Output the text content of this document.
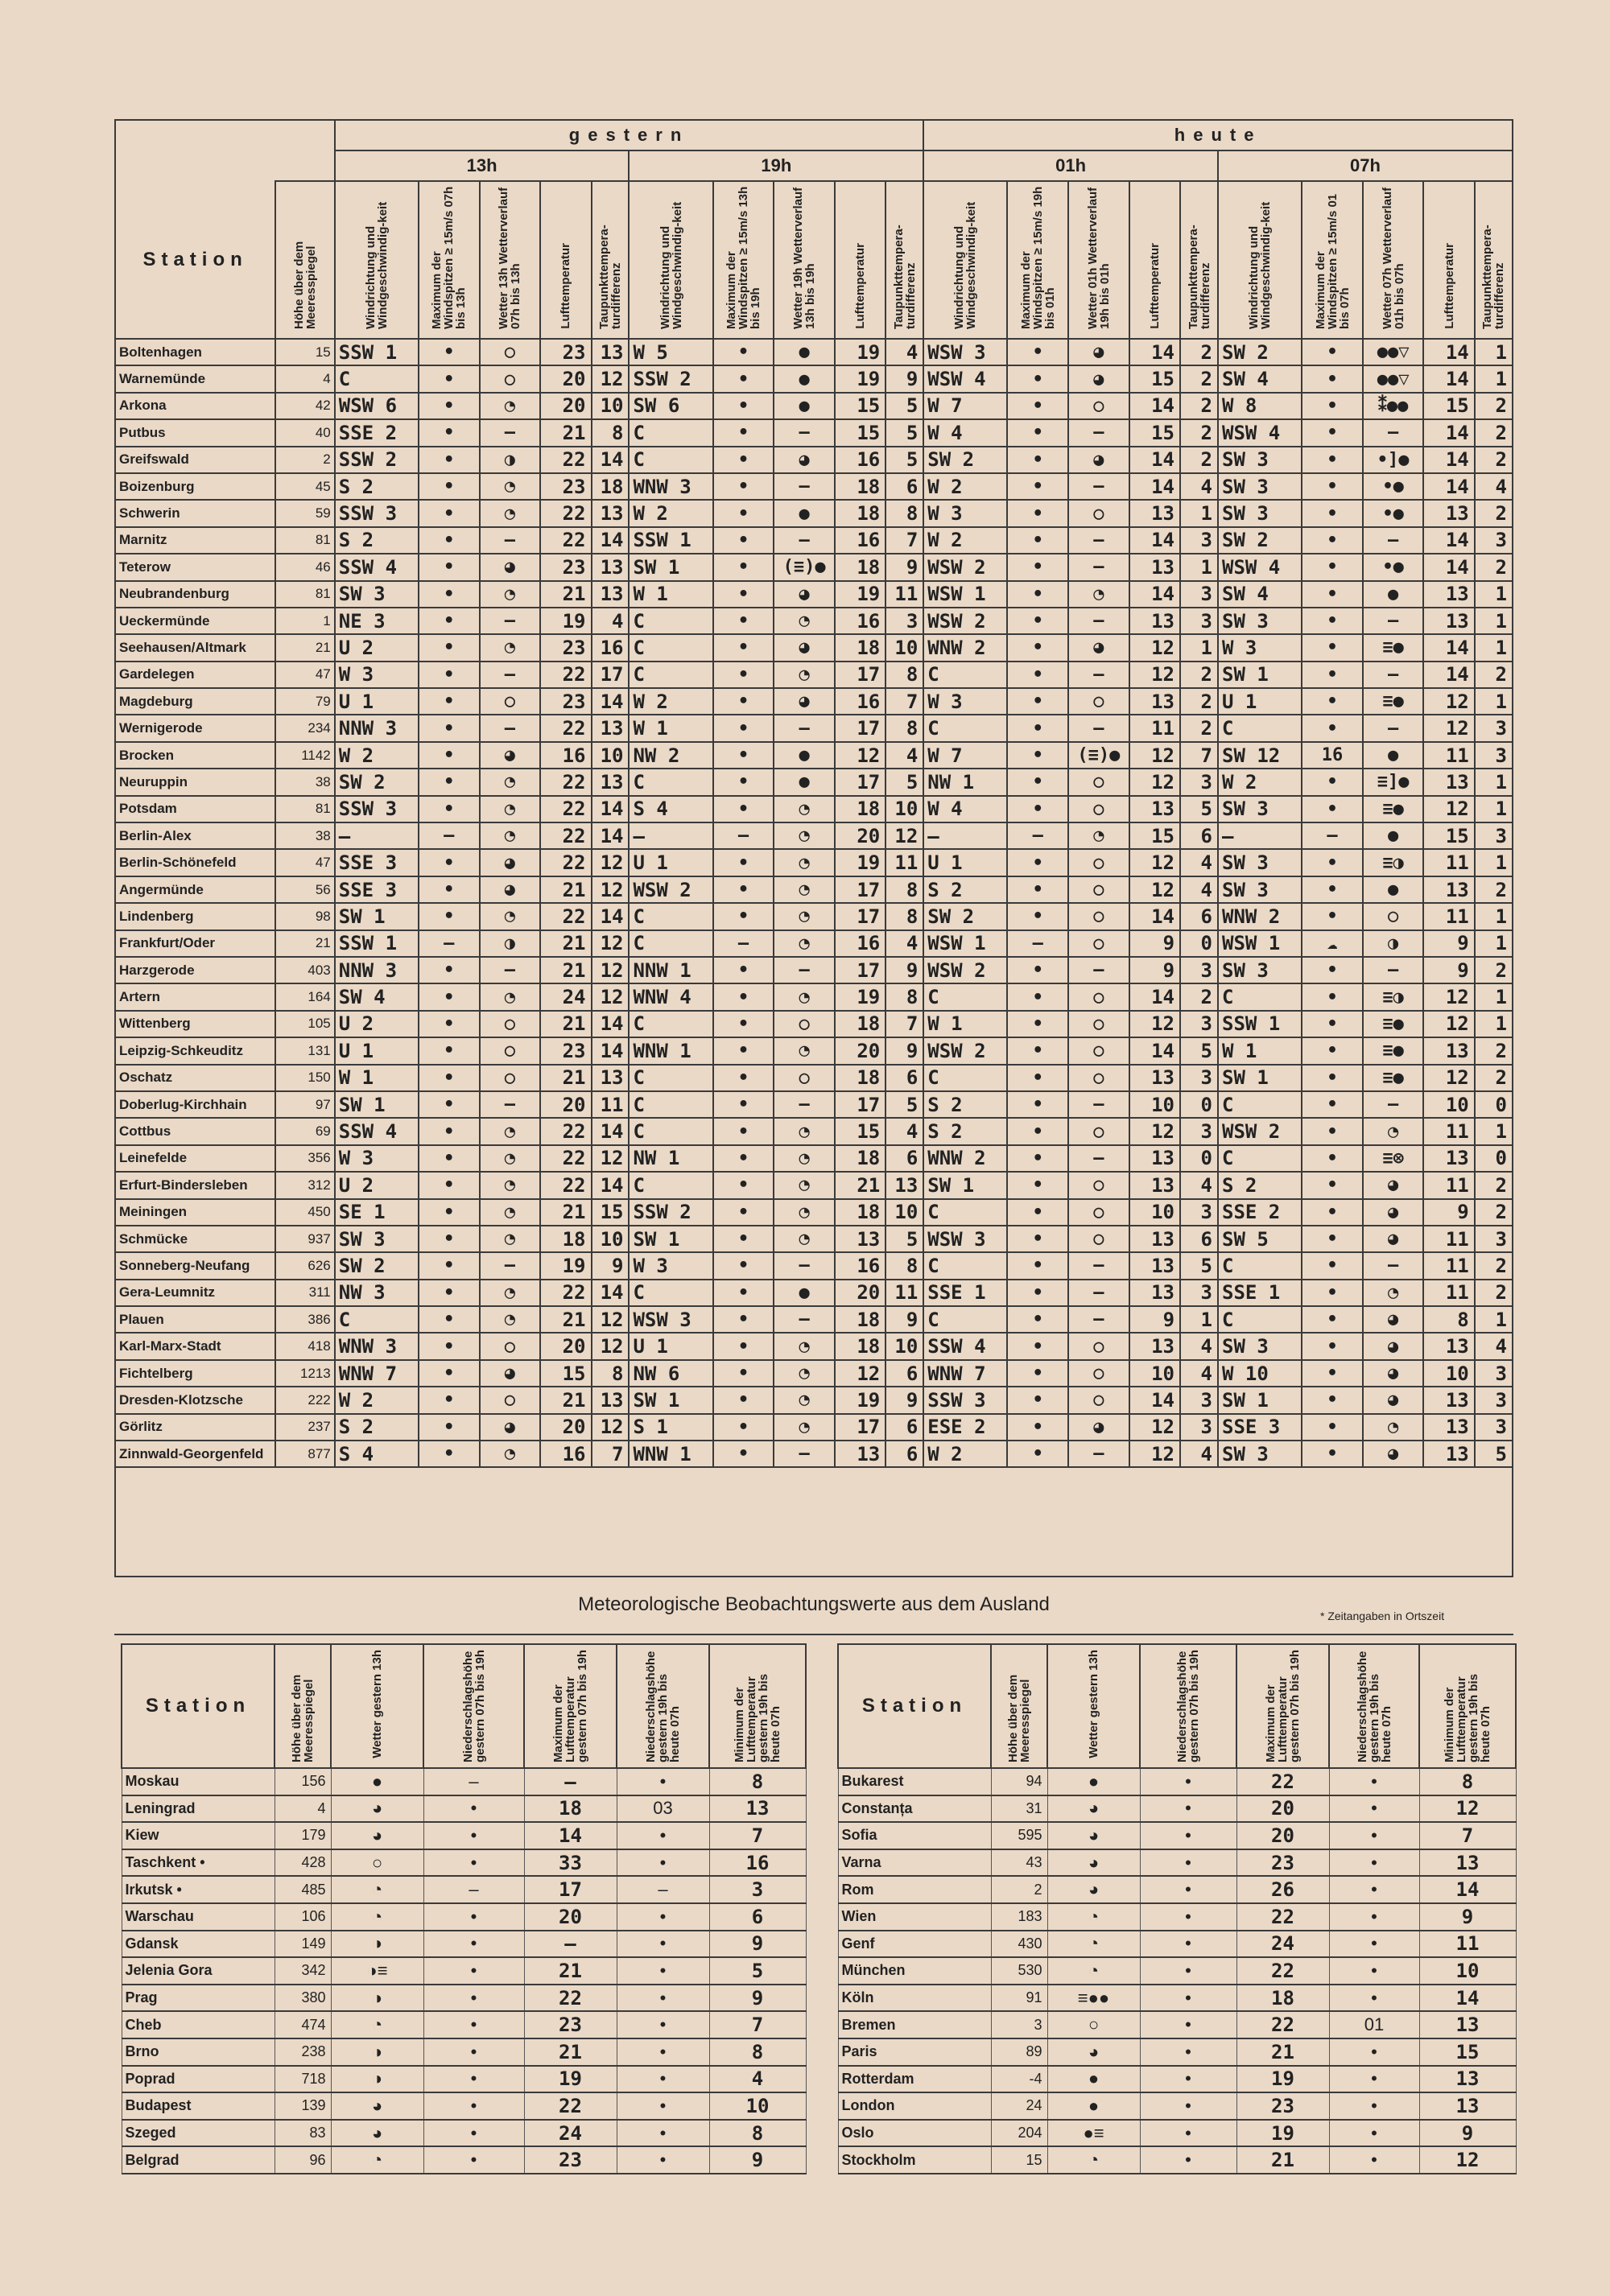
		gestern										heute									
		13h					19h					01h					07h				
Station	Höhe über dem Meeresspiegel	Windrichtung und Windgeschwindig-keit	Maximum der Windspitzen ≥ 15m/s 07h bis 13h	Wetter 13h Wetterverlauf 07h bis 13h	Lufttemperatur	Taupunkttempera-turdifferenz	Windrichtung und Windgeschwindig-keit	Maximum der Windspitzen ≥ 15m/s 13h bis 19h	Wetter 19h Wetterverlauf 13h bis 19h	Lufttemperatur	Taupunkttempera-turdifferenz	Windrichtung und Windgeschwindig-keit	Maximum der Windspitzen ≥ 15m/s 19h bis 01h	Wetter 01h Wetterverlauf 19h bis 01h	Lufttemperatur	Taupunkttempera-turdifferenz	Windrichtung und Windgeschwindig-keit	Maximum der Windspitzen ≥ 15m/s 01 bis 07h	Wetter 07h Wetterverlauf 01h bis 07h	Lufttemperatur	Taupunkttempera-turdifferenz
Boltenhagen	15	SSW 1	•	○	23	13	W 5	•	●	19	4	WSW 3	•	◕	14	2	SW 2	•	●●▽	14	1
Warnemünde	4	C	•	○	20	12	SSW 2	•	●	19	9	WSW 4	•	◕	15	2	SW 4	•	●●▽	14	1
Arkona	42	WSW 6	•	◔	20	10	SW 6	•	●	15	5	W 7	•	○	14	2	W 8	•	⁑●●	15	2
Putbus	40	SSE 2	•	–	21	8	C	•	–	15	5	W 4	•	–	15	2	WSW 4	•	–	14	2
Greifswald	2	SSW 2	•	◑	22	14	C	•	◕	16	5	SW 2	•	◕	14	2	SW 3	•	•]●	14	2
Boizenburg	45	S 2	•	◔	23	18	WNW 3	•	–	18	6	W 2	•	–	14	4	SW 3	•	•●	14	4
Schwerin	59	SSW 3	•	◔	22	13	W 2	•	●	18	8	W 3	•	○	13	1	SW 3	•	•●	13	2
Marnitz	81	S 2	•	–	22	14	SSW 1	•	–	16	7	W 2	•	–	14	3	SW 2	•	–	14	3
Teterow	46	SSW 4	•	◕	23	13	SW 1	•	(≡)●	18	9	WSW 2	•	–	13	1	WSW 4	•	•●	14	2
Neubrandenburg	81	SW 3	•	◔	21	13	W 1	•	◕	19	11	WSW 1	•	◔	14	3	SW 4	•	●	13	1
Ueckermünde	1	NE 3	•	–	19	4	C	•	◔	16	3	WSW 2	•	–	13	3	SW 3	•	–	13	1
Seehausen/Altmark	21	U 2	•	◔	23	16	C	•	◕	18	10	WNW 2	•	◕	12	1	W 3	•	≡●	14	1
Gardelegen	47	W 3	•	–	22	17	C	•	◔	17	8	C	•	–	12	2	SW 1	•	–	14	2
Magdeburg	79	U 1	•	○	23	14	W 2	•	◕	16	7	W 3	•	○	13	2	U 1	•	≡●	12	1
Wernigerode	234	NNW 3	•	–	22	13	W 1	•	–	17	8	C	•	–	11	2	C	•	–	12	3
Brocken	1142	W 2	•	◕	16	10	NW 2	•	●	12	4	W 7	•	(≡)●	12	7	SW 12	16	●	11	3
Neuruppin	38	SW 2	•	◔	22	13	C	•	●	17	5	NW 1	•	○	12	3	W 2	•	≡]●	13	1
Potsdam	81	SSW 3	•	◔	22	14	S 4	•	◔	18	10	W 4	•	○	13	5	SW 3	•	≡●	12	1
Berlin-Alex	38	–	–	◔	22	14	–	–	◔	20	12	–	–	◔	15	6	–	–	●	15	3
Berlin-Schönefeld	47	SSE 3	•	◕	22	12	U 1	•	◔	19	11	U 1	•	○	12	4	SW 3	•	≡◑	11	1
Angermünde	56	SSE 3	•	◕	21	12	WSW 2	•	◔	17	8	S 2	•	○	12	4	SW 3	•	●	13	2
Lindenberg	98	SW 1	•	◔	22	14	C	•	◔	17	8	SW 2	•	○	14	6	WNW 2	•	○	11	1
Frankfurt/Oder	21	SSW 1	–	◑	21	12	C	–	◔	16	4	WSW 1	–	○	9	0	WSW 1	☁	◑	9	1
Harzgerode	403	NNW 3	•	–	21	12	NNW 1	•	–	17	9	WSW 2	•	–	9	3	SW 3	•	–	9	2
Artern	164	SW 4	•	◔	24	12	WNW 4	•	◔	19	8	C	•	○	14	2	C	•	≡◑	12	1
Wittenberg	105	U 2	•	○	21	14	C	•	○	18	7	W 1	•	○	12	3	SSW 1	•	≡●	12	1
Leipzig-Schkeuditz	131	U 1	•	○	23	14	WNW 1	•	◔	20	9	WSW 2	•	○	14	5	W 1	•	≡●	13	2
Oschatz	150	W 1	•	○	21	13	C	•	○	18	6	C	•	○	13	3	SW 1	•	≡●	12	2
Doberlug-Kirchhain	97	SW 1	•	–	20	11	C	•	–	17	5	S 2	•	–	10	0	C	•	–	10	0
Cottbus	69	SSW 4	•	◔	22	14	C	•	◔	15	4	S 2	•	○	12	3	WSW 2	•	◔	11	1
Leinefelde	356	W 3	•	◔	22	12	NW 1	•	◔	18	6	WNW 2	•	–	13	0	C	•	≡⊗	13	0
Erfurt-Bindersleben	312	U 2	•	◔	22	14	C	•	◔	21	13	SW 1	•	○	13	4	S 2	•	◕	11	2
Meiningen	450	SE 1	•	◔	21	15	SSW 2	•	◔	18	10	C	•	○	10	3	SSE 2	•	◕	9	2
Schmücke	937	SW 3	•	◔	18	10	SW 1	•	◔	13	5	WSW 3	•	○	13	6	SW 5	•	◕	11	3
Sonneberg-Neufang	626	SW 2	•	–	19	9	W 3	•	–	16	8	C	•	–	13	5	C	•	–	11	2
Gera-Leumnitz	311	NW 3	•	◔	22	14	C	•	●	20	11	SSE 1	•	–	13	3	SSE 1	•	◔	11	2
Plauen	386	C	•	◔	21	12	WSW 3	•	–	18	9	C	•	–	9	1	C	•	◕	8	1
Karl-Marx-Stadt	418	WNW 3	•	○	20	12	U 1	•	◔	18	10	SSW 4	•	○	13	4	SW 3	•	◕	13	4
Fichtelberg	1213	WNW 7	•	◕	15	8	NW 6	•	◔	12	6	WNW 7	•	○	10	4	W 10	•	◕	10	3
Dresden-Klotzsche	222	W 2	•	○	21	13	SW 1	•	◔	19	9	SSW 3	•	○	14	3	SW 1	•	◕	13	3
Görlitz	237	S 2	•	◕	20	12	S 1	•	◔	17	6	ESE 2	•	◕	12	3	SSE 3	•	◔	13	3
Zinnwald-Georgenfeld	877	S 4	•	◔	16	7	WNW 1	•	–	13	6	W 2	•	–	12	4	SW 3	•	◕	13	5
Meteorologische Beobachtungswerte aus dem Ausland
* Zeitangaben in Ortszeit
Station	Höhe über dem Meeresspiegel	Wetter gestern 13h	Niederschlagshöhe gestern 07h bis 19h	Maximum der Lufttemperatur gestern 07h bis 19h	Niederschlagshöhe gestern 19h bis heute 07h	Minimum der Lufttemperatur gestern 19h bis heute 07h
Moskau	156	●	–	–	•	8
Leningrad	4	◕	•	18	03	13
Kiew	179	◕	•	14	•	7
Taschkent •	428	○	•	33	•	16
Irkutsk •	485	◔	–	17	–	3
Warschau	106	◔	•	20	•	6
Gdansk	149	◑	•	–	•	9
Jelenia Gora	342	◑≡	•	21	•	5
Prag	380	◑	•	22	•	9
Cheb	474	◔	•	23	•	7
Brno	238	◑	•	21	•	8
Poprad	718	◑	•	19	•	4
Budapest	139	◕	•	22	•	10
Szeged	83	◕	•	24	•	8
Belgrad	96	◔	•	23	•	9
Station	Höhe über dem Meeresspiegel	Wetter gestern 13h	Niederschlagshöhe gestern 07h bis 19h	Maximum der Lufttemperatur gestern 07h bis 19h	Niederschlagshöhe gestern 19h bis heute 07h	Minimum der Lufttemperatur gestern 19h bis heute 07h
Bukarest	94	●	•	22	•	8
Constanța	31	◕	•	20	•	12
Sofia	595	◕	•	20	•	7
Varna	43	◕	•	23	•	13
Rom	2	◕	•	26	•	14
Wien	183	◔	•	22	•	9
Genf	430	◔	•	24	•	11
München	530	◔	•	22	•	10
Köln	91	≡●●	•	18	•	14
Bremen	3	○	•	22	01	13
Paris	89	◕	•	21	•	15
Rotterdam	-4	●	•	19	•	13
London	24	●	•	23	•	13
Oslo	204	●≡	•	19	•	9
Stockholm	15	◔	•	21	•	12
